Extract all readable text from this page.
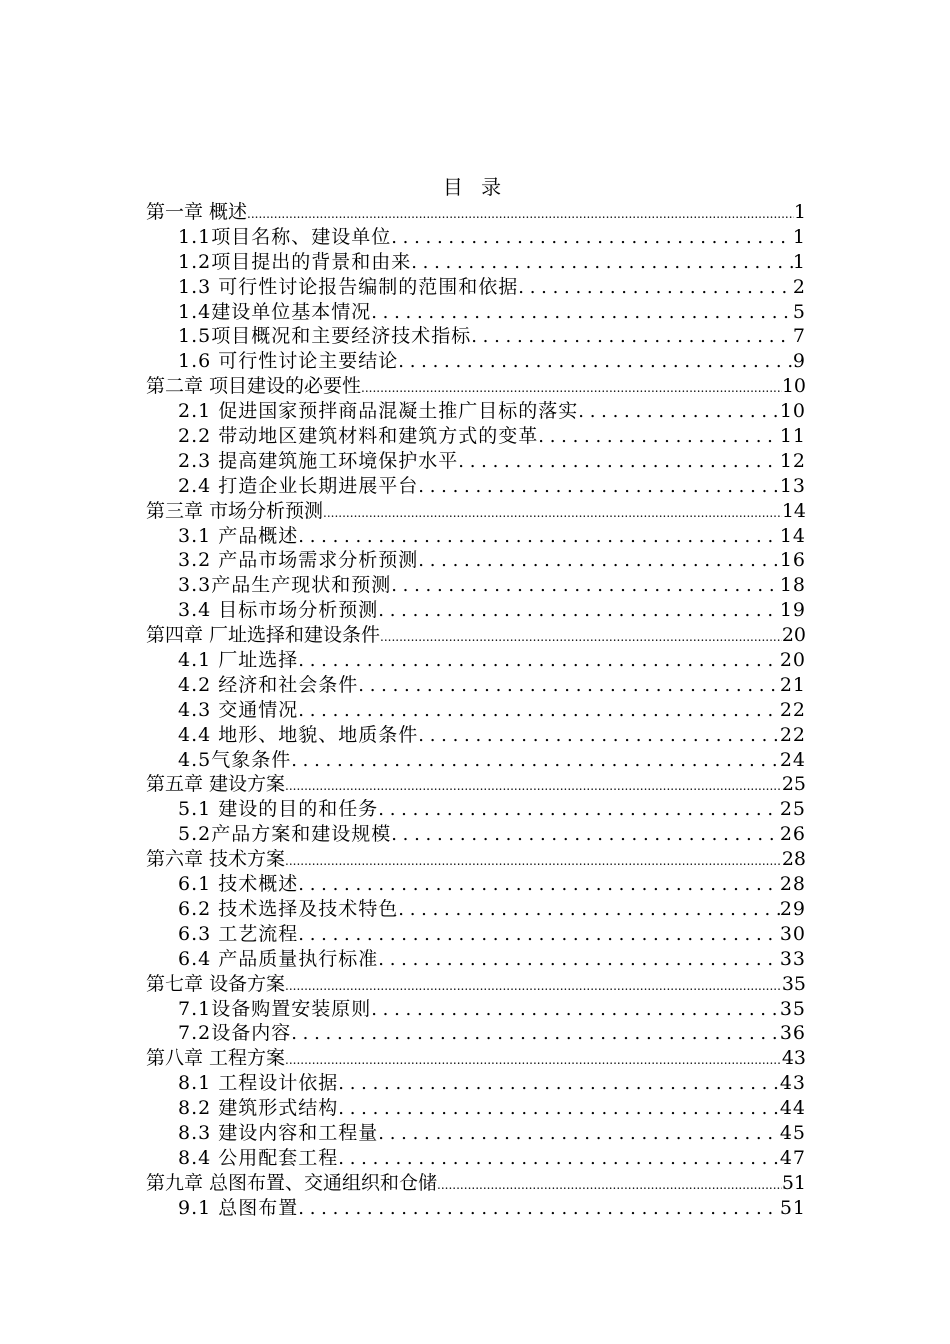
目 录
第一章 概述 .....	1
1.1项目名称、建设单位 . . .	1
1.2项目提出的背景和由来 . . .	1
1.3 可行性讨论报告编制的范围和依据 . . .	2
1.4建设单位基本情况 . . .	5
1.5项目概况和主要经济技术指标 . . .	7
1.6 可行性讨论主要结论 . . .	9
第二章 项目建设的必要性 .....	10
2.1 促进国家预拌商品混凝土推广目标的落实 . . .	10
2.2 带动地区建筑材料和建筑方式的变革 . . .	11
2.3 提高建筑施工环境保护水平 . . .	12
2.4 打造企业长期进展平台 . . .	13
第三章 市场分析预测 .....	14
3.1 产品概述 . . .	14
3.2 产品市场需求分析预测 . . .	16
3.3产品生产现状和预测 . . .	18
3.4 目标市场分析预测 . . .	19
第四章 厂址选择和建设条件 .....	20
4.1 厂址选择 . . .	20
4.2 经济和社会条件 . . .	21
4.3 交通情况 . . .	22
4.4 地形、地貌、地质条件 . . .	22
4.5气象条件 . . .	24
第五章 建设方案 .....	25
5.1 建设的目的和任务 . . .	25
5.2产品方案和建设规模 . . .	26
第六章 技术方案 .....	28
6.1 技术概述 . . .	28
6.2 技术选择及技术特色 . . .	29
6.3 工艺流程 . . .	30
6.4 产品质量执行标准 . . .	33
第七章 设备方案 .....	35
7.1设备购置安装原则 . . .	35
7.2设备内容 . . .	36
第八章 工程方案 .....	43
8.1 工程设计依据 . . .	43
8.2 建筑形式结构 . . .	44
8.3 建设内容和工程量 . . .	45
8.4 公用配套工程 . . .	47
第九章 总图布置、交通组织和仓储 .....	51
9.1 总图布置 . . .	51
